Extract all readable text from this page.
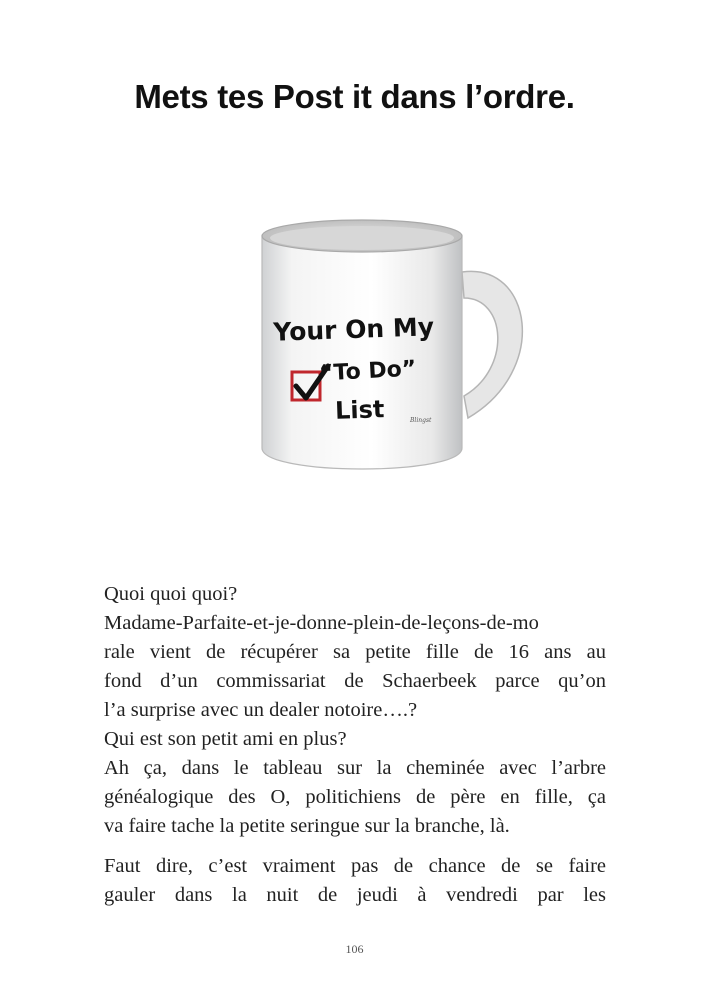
Mets tes Post it dans l’ordre.
Your On My
“To Do”
List	Blingst

Quoi quoi quoi?
Madame-Parfaite-et-je-donne-plein-de-leçons-de-mo
rale vient de récupérer sa petite fille de 16 ans au
fond d’un commissariat de Schaerbeek parce qu’on
l’a surprise avec un dealer notoire….?
Qui est son petit ami en plus?
Ah ça, dans le tableau sur la cheminée avec l’arbre
généalogique des O, politichiens de père en fille, ça
va faire tache la petite seringue sur la branche, là.

Faut dire, c’est vraiment pas de chance de se faire
gauler dans la nuit de jeudi à vendredi par les

106
